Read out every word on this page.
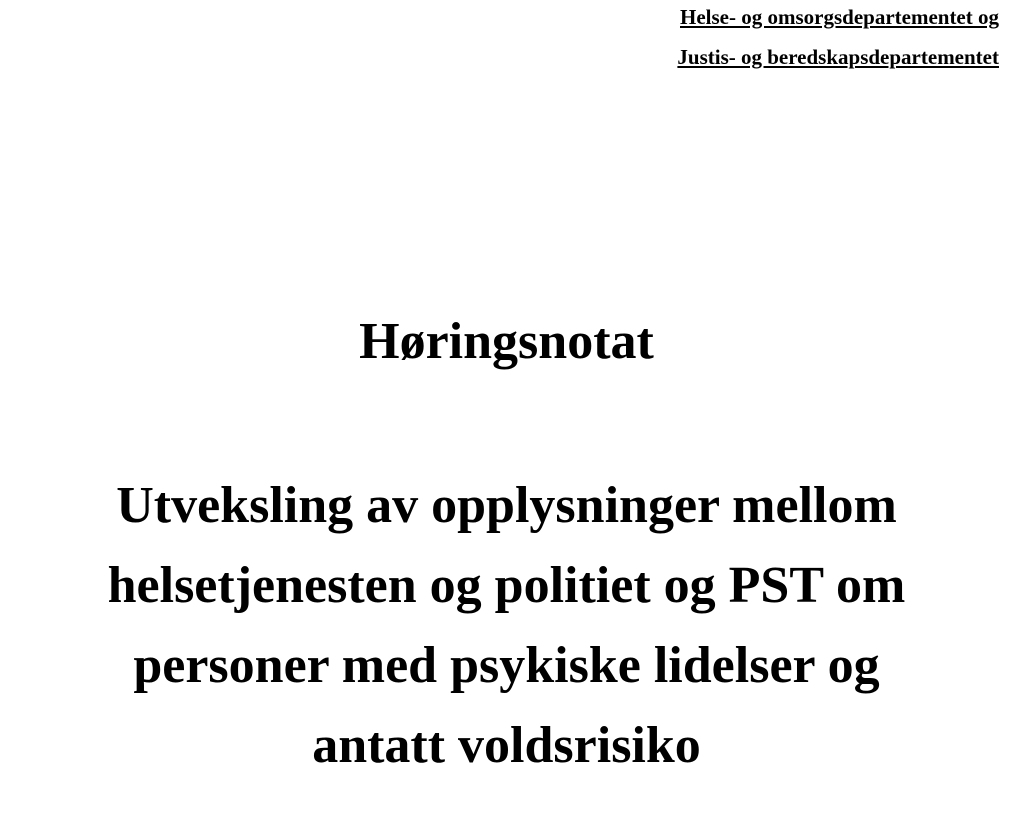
Helse- og omsorgsdepartementet og
Justis- og beredskapsdepartementet
Høringsnotat
Utveksling av opplysninger mellom
helsetjenesten og politiet og PST om
personer med psykiske lidelser og
antatt voldsrisiko
